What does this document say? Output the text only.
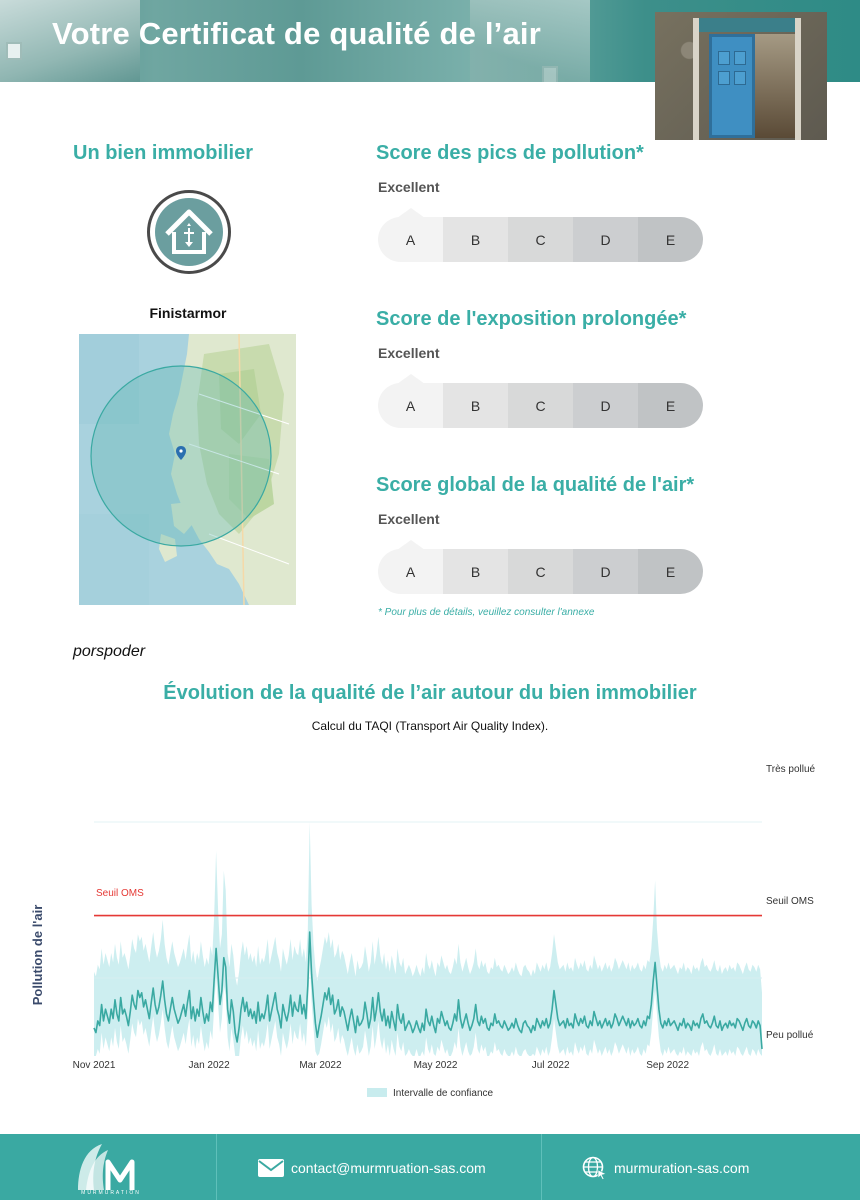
Votre Certificat de qualité de l’air
Un bien immobilier
Finistarmor
porspoder
Score des pics de pollution*
Excellent
A	B	C	D	E
Score de l'exposition prolongée*
Excellent
A	B	C	D	E
Score global de la qualité de l'air*
Excellent
A	B	C	D	E
* Pour plus de détails, veuillez consulter l'annexe
Évolution de la qualité de l’air autour du bien immobilier
Calcul du TAQI (Transport Air Quality Index).
Nov 2021	Jan 2022	Mar 2022	May 2022	Jul 2022	Sep 2022
Pollution de l'air
Très pollué
Seuil OMS
Peu pollué
Seuil OMS
Intervalle de confiance
MURMURATION
contact@murmruation-sas.com	murmuration-sas.com
